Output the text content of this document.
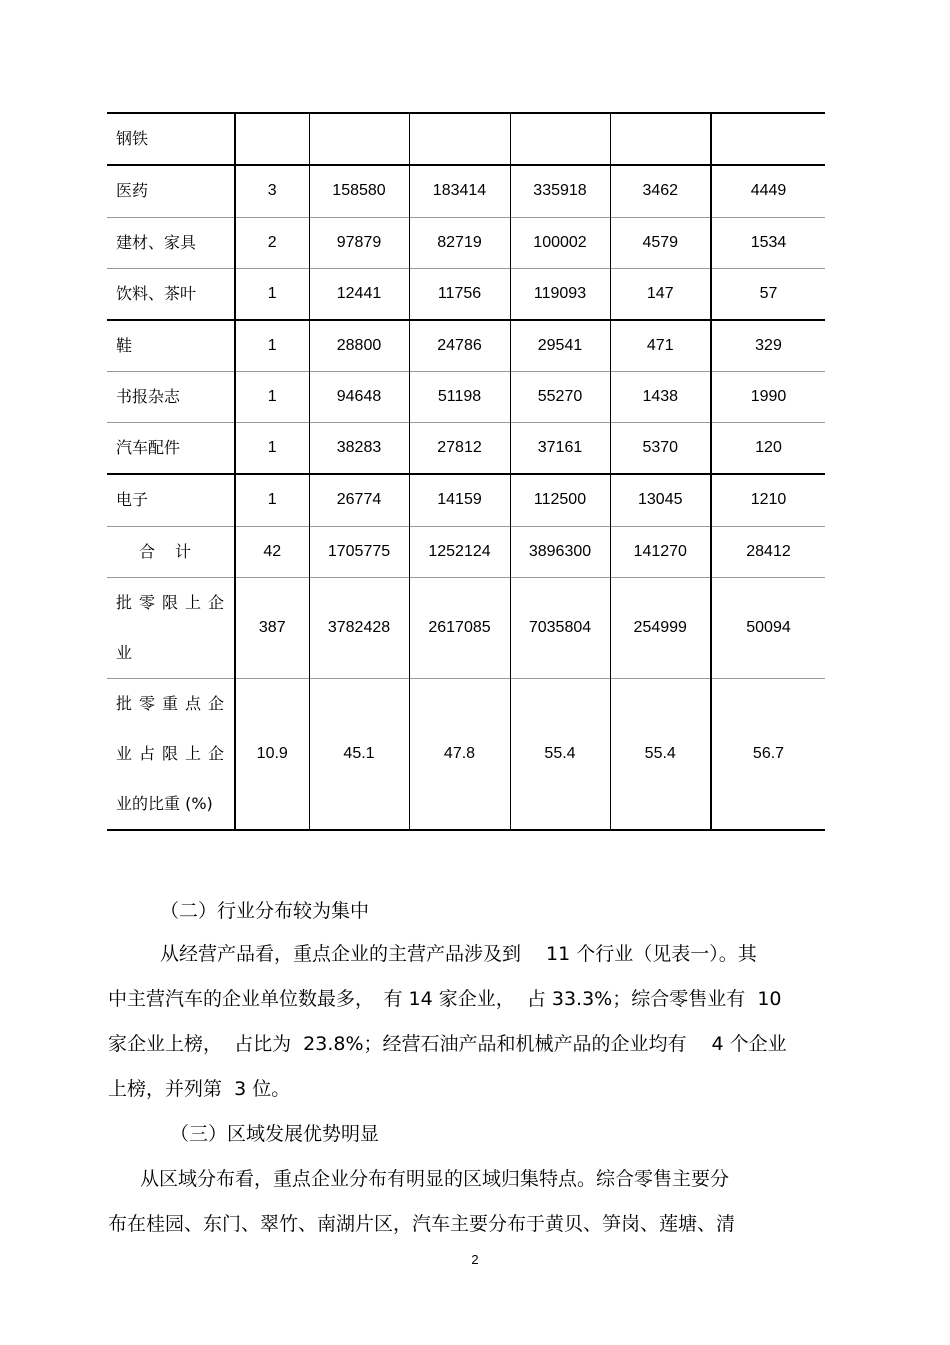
钢铁						
医药	3	158580	183414	335918	3462	4449
建材、家具	2	97879	82719	100002	4579	1534
饮料、茶叶	1	12441	11756	119093	147	57
鞋	1	28800	24786	29541	471	329
书报杂志	1	94648	51198	55270	1438	1990
汽车配件	1	38283	27812	37161	5370	120
电子	1	26774	14159	112500	13045	1210
合计	42	1705775	1252124	3896300	141270	28412

批零限上企
业	387	3782428	2617085	7035804	254999	50094

批零重点企
业占限上企
业的比重 (%)	10.9	45.1	47.8	55.4	55.4	56.7
（二）行业分布较为集中
从经营产品看，重点企业的主营产品涉及到　 11 个行业（见表一）。其
中主营汽车的企业单位数最多，　有 14 家企业，  占 33.3%；综合零售业有  10
家企业上榜，  占比为  23.8%；经营石油产品和机械产品的企业均有　 4 个企业
上榜，并列第  3 位。
（三）区域发展优势明显
从区域分布看，重点企业分布有明显的区域归集特点。综合零售主要分
布在桂园、东门、翠竹、南湖片区，汽车主要分布于黄贝、笋岗、莲塘、清
2
